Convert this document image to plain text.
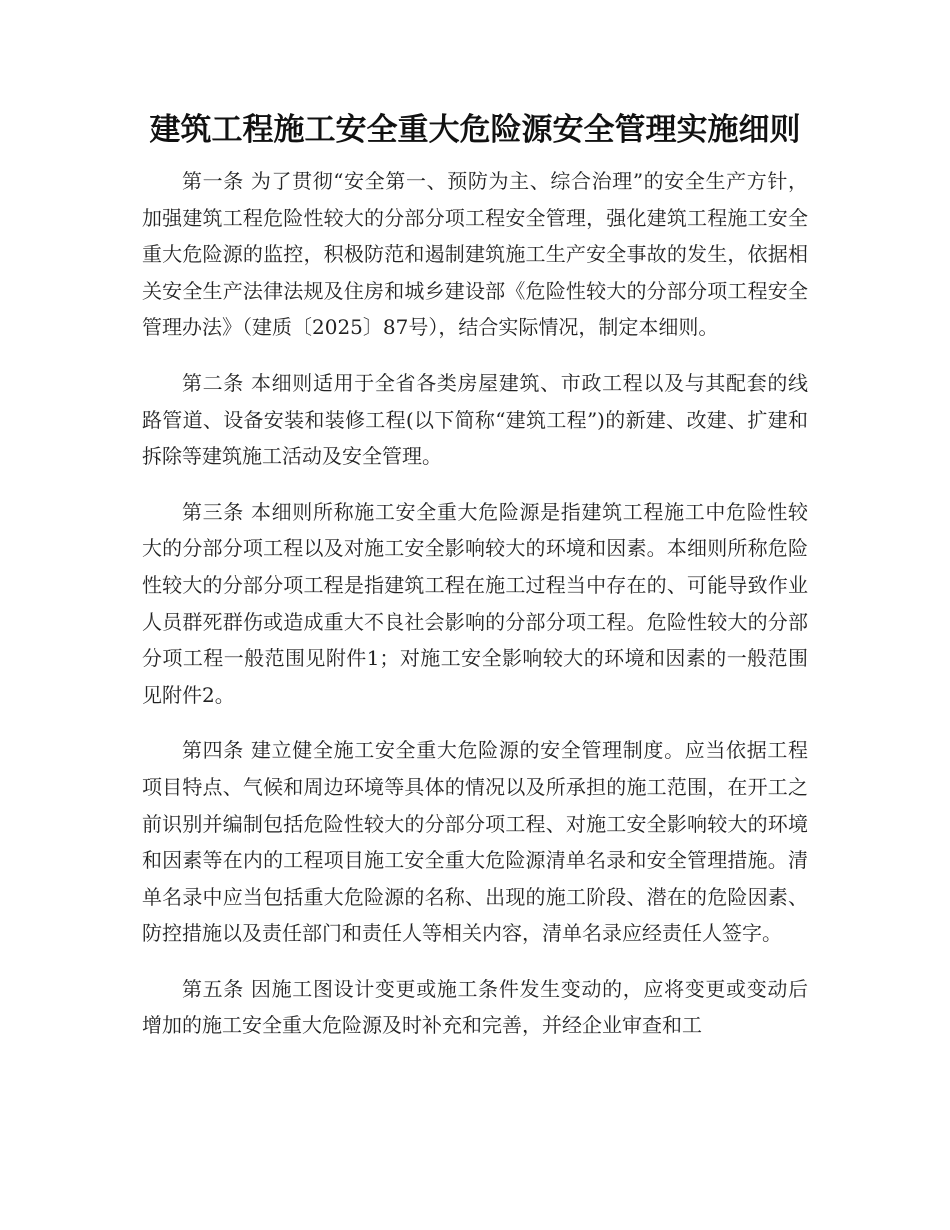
建筑工程施工安全重大危险源安全管理实施细则

第一条 为了贯彻“安全第一、预防为主、综合治理”的安全生产方针，加强建筑工程危险性较大的分部分项工程安全管理，强化建筑工程施工安全重大危险源的监控，积极防范和遏制建筑施工生产安全事故的发生，依据相关安全生产法律法规及住房和城乡建设部《危险性较大的分部分项工程安全管理办法》（建质〔2025〕87号），结合实际情况，制定本细则。

第二条 本细则适用于全省各类房屋建筑、市政工程以及与其配套的线路管道、设备安装和装修工程(以下简称“建筑工程”)的新建、改建、扩建和拆除等建筑施工活动及安全管理。

第三条 本细则所称施工安全重大危险源是指建筑工程施工中危险性较大的分部分项工程以及对施工安全影响较大的环境和因素。本细则所称危险性较大的分部分项工程是指建筑工程在施工过程当中存在的、可能导致作业人员群死群伤或造成重大不良社会影响的分部分项工程。危险性较大的分部分项工程一般范围见附件1；对施工安全影响较大的环境和因素的一般范围见附件2。

第四条 建立健全施工安全重大危险源的安全管理制度。应当依据工程项目特点、气候和周边环境等具体的情况以及所承担的施工范围，在开工之前识别并编制包括危险性较大的分部分项工程、对施工安全影响较大的环境和因素等在内的工程项目施工安全重大危险源清单名录和安全管理措施。清单名录中应当包括重大危险源的名称、出现的施工阶段、潜在的危险因素、防控措施以及责任部门和责任人等相关内容，清单名录应经责任人签字。

第五条 因施工图设计变更或施工条件发生变动的，应将变更或变动后增加的施工安全重大危险源及时补充和完善，并经企业审查和工
